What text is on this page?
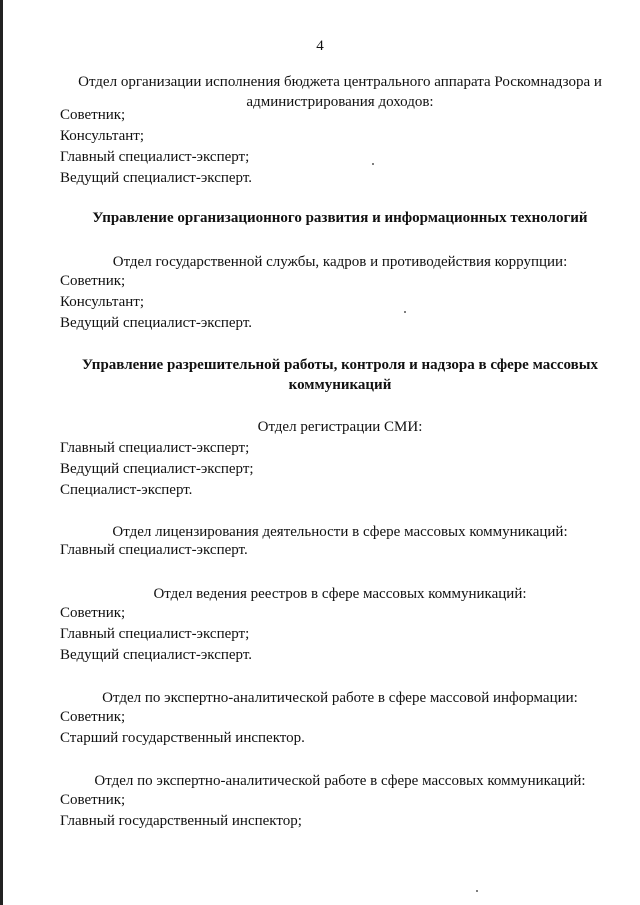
4
Отдел организации исполнения бюджета центрального аппарата Роскомнадзора и
администрирования доходов:
Советник;
Консультант;
Главный специалист-эксперт;
Ведущий специалист-эксперт.
Управление организационного развития и информационных технологий
Отдел государственной службы, кадров и противодействия коррупции:
Советник;
Консультант;
Ведущий специалист-эксперт.
Управление разрешительной работы, контроля и надзора в сфере массовых
коммуникаций
Отдел регистрации СМИ:
Главный специалист-эксперт;
Ведущий специалист-эксперт;
Специалист-эксперт.
Отдел лицензирования деятельности в сфере массовых коммуникаций:
Главный специалист-эксперт.
Отдел ведения реестров в сфере массовых коммуникаций:
Советник;
Главный специалист-эксперт;
Ведущий специалист-эксперт.
Отдел по экспертно-аналитической работе в сфере массовой информации:
Советник;
Старший государственный инспектор.
Отдел по экспертно-аналитической работе в сфере массовых коммуникаций:
Советник;
Главный государственный инспектор;
